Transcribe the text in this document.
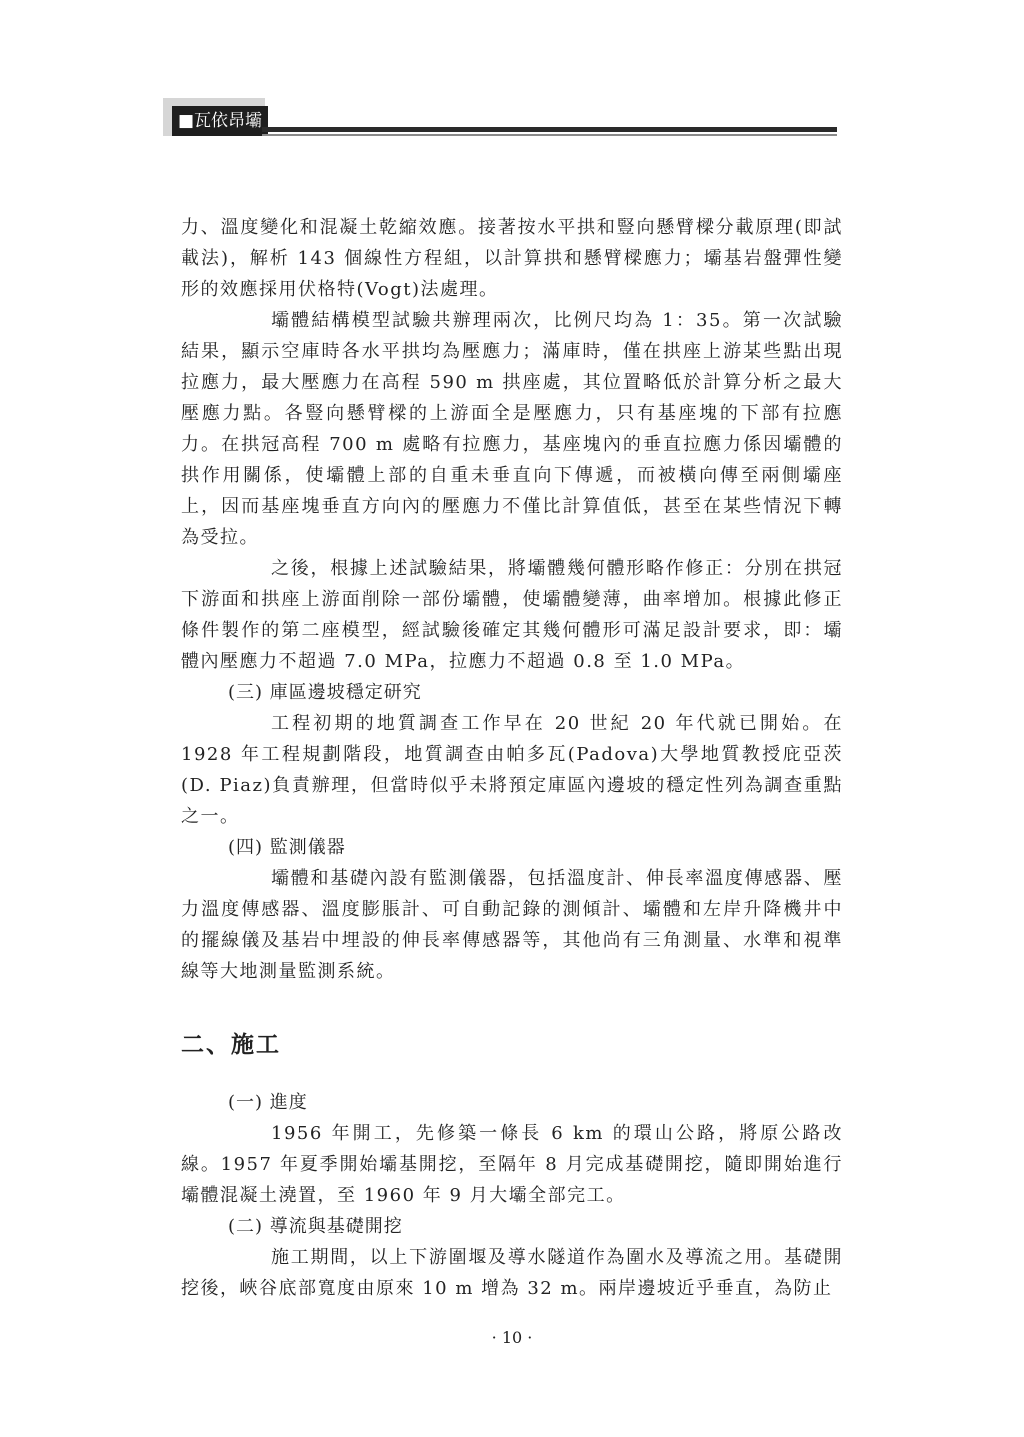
■瓦依昂壩

力、溫度變化和混凝土乾縮效應。接著按水平拱和豎向懸臂樑分載原理(即試載法)，解析 143 個線性方程組，以計算拱和懸臂樑應力；壩基岩盤彈性變形的效應採用伏格特(Vogt)法處理。

壩體結構模型試驗共辦理兩次，比例尺均為 1：35。第一次試驗結果，顯示空庫時各水平拱均為壓應力；滿庫時，僅在拱座上游某些點出現拉應力，最大壓應力在高程 590 m 拱座處，其位置略低於計算分析之最大壓應力點。各豎向懸臂樑的上游面全是壓應力，只有基座塊的下部有拉應力。在拱冠高程 700 m 處略有拉應力，基座塊內的垂直拉應力係因壩體的拱作用關係，使壩體上部的自重未垂直向下傳遞，而被橫向傳至兩側壩座上，因而基座塊垂直方向內的壓應力不僅比計算值低，甚至在某些情況下轉為受拉。

之後，根據上述試驗結果，將壩體幾何體形略作修正：分別在拱冠下游面和拱座上游面削除一部份壩體，使壩體變薄，曲率增加。根據此修正條件製作的第二座模型，經試驗後確定其幾何體形可滿足設計要求，即：壩體內壓應力不超過 7.0 MPa，拉應力不超過 0.8 至 1.0 MPa。

(三) 庫區邊坡穩定研究

工程初期的地質調查工作早在 20 世紀 20 年代就已開始。在 1928 年工程規劃階段，地質調查由帕多瓦(Padova)大學地質教授庇亞茨(D. Piaz)負責辦理，但當時似乎未將預定庫區內邊坡的穩定性列為調查重點之一。

(四) 監測儀器

壩體和基礎內設有監測儀器，包括溫度計、伸長率溫度傳感器、壓力溫度傳感器、溫度膨脹計、可自動記錄的測傾計、壩體和左岸升降機井中的擺線儀及基岩中埋設的伸長率傳感器等，其他尚有三角測量、水準和視準線等大地測量監測系統。

二、施工

(一) 進度

1956 年開工，先修築一條長 6 km 的環山公路，將原公路改線。1957 年夏季開始壩基開挖，至隔年 8 月完成基礎開挖，隨即開始進行壩體混凝土澆置，至 1960 年 9 月大壩全部完工。

(二) 導流與基礎開挖

施工期間，以上下游圍堰及導水隧道作為圍水及導流之用。基礎開挖後，峽谷底部寬度由原來 10 m 增為 32 m。兩岸邊坡近乎垂直，為防止

· 10 ·
